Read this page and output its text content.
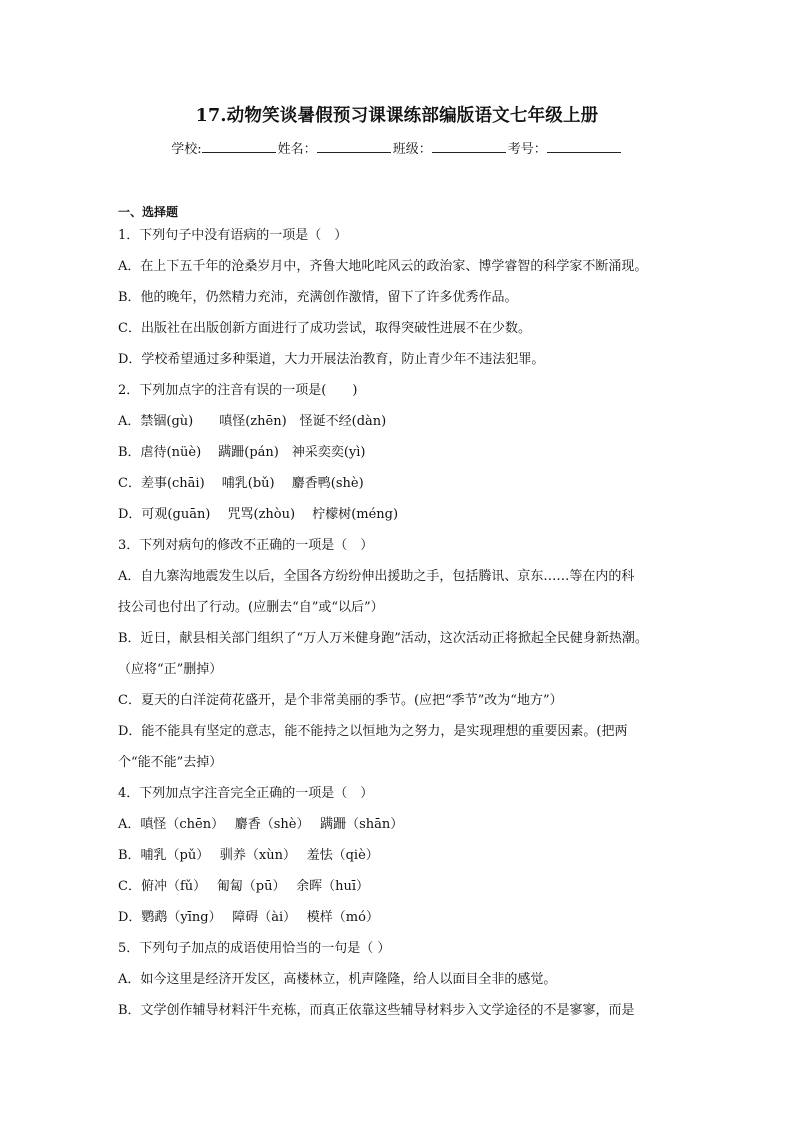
17.动物笑谈暑假预习课课练部编版语文七年级上册
学校:	姓名：	班级：	考号：
一、选择题
1．下列句子中没有语病的一项是（　）
A．在上下五千年的沧桑岁月中，齐鲁大地叱咤风云的政治家、博学睿智的科学家不断涌现。
B．他的晚年，仍然精力充沛，充满创作激情，留下了许多优秀作品。
C．出版社在出版创新方面进行了成功尝试，取得突破性进展不在少数。
D．学校希望通过多种渠道，大力开展法治教育，防止青少年不违法犯罪。
2．下列加点字的注音有误的一项是(　　)
A．禁锢(gù)　　嗔怪(zhēn)　怪诞不经(dàn)
B．虐待(nüè)　 蹒跚(pán)　神采奕奕(yì)
C．差事(chāi)　 哺乳(bǔ)　 麝香鸭(shè)
D．可观(guān)　 咒骂(zhòu)　 柠檬树(méng)
3．下列对病句的修改不正确的一项是（　）
A．自九寨沟地震发生以后，全国各方纷纷伸出援助之手，包括腾讯、京东……等在内的科
技公司也付出了行动。(应删去“自”或“以后”）
B．近日，献县相关部门组织了“万人万米健身跑”活动，这次活动正将掀起全民健身新热潮。
（应将“正”删掉）
C．夏天的白洋淀荷花盛开，是个非常美丽的季节。(应把“季节”改为“地方”）
D．能不能具有坚定的意志，能不能持之以恒地为之努力，是实现理想的重要因素。(把两
个“能不能”去掉）
4．下列加点字注音完全正确的一项是（　）
A．嗔怪（chēn）　 麝香（shè）　 蹒跚（shān）
B．哺乳（pǔ）　 驯养（xùn）　 羞怯（qiè）
C．俯冲（fǔ）　 匍匐（pū）　 余晖（huī）
D．鹦鹉（yīng）　 障碍（ài）　 模样（mó）
5．下列句子加点的成语使用恰当的一句是（ ）
A．如今这里是经济开发区，高楼林立，机声隆隆，给人以面目全非的感觉。
B．文学创作辅导材料汗牛充栋，而真正依靠这些辅导材料步入文学途径的不是寥寥，而是
